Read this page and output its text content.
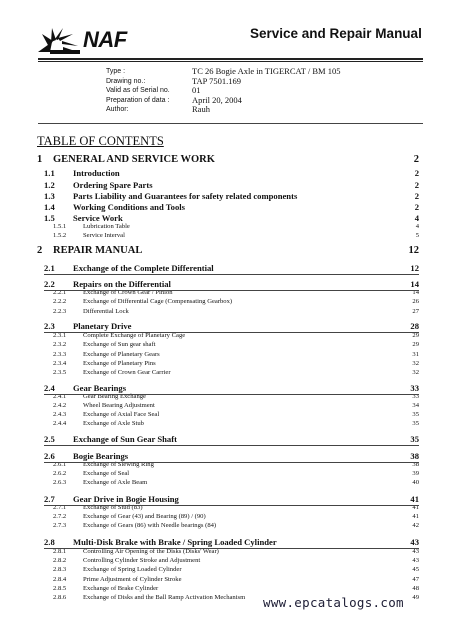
NAF	Service and Repair Manual
Type :	TC 26 Bogie Axle in TIGERCAT / BM 105
Drawing no.:	TAP 7501.169
Valid as of Serial no.	01
Preparation of data :	April 20, 2004
Author:	Rauh
TABLE OF CONTENTS
1 GENERAL AND SERVICE WORK	2
1.1 Introduction	2
1.2 Ordering Spare Parts	2
1.3 Parts Liability and Guarantees for safety related components	2
1.4 Working Conditions and Tools	2
1.5 Service Work	4
1.5.1	Lubrication Table	4
1.5.2	Service Interval	5
2 REPAIR MANUAL	12
2.1 Exchange of the Complete Differential	12
2.2 Repairs on the Differential	14
2.2.1	Exchange of Crown Gear / Pinion	14
2.2.2	Exchange of Differential Cage (Compensating Gearbox)	26
2.2.3	Differential Lock	27
2.3 Planetary Drive	28
2.3.1	Complete Exchange of Planetary Cage	29
2.3.2	Exchange of Sun gear shaft	29
2.3.3	Exchange of Planetary Gears	31
2.3.4	Exchange of Planetary Pins	32
2.3.5	Exchange of Crown Gear Carrier	32
2.4 Gear Bearings	33
2.4.1	Gear Bearing Exchange	33
2.4.2	Wheel Bearing Adjustment	34
2.4.3	Exchange of Axial Face Seal	35
2.4.4	Exchange of Axle Stub	35
2.5 Exchange of Sun Gear Shaft	35
2.6 Bogie Bearings	38
2.6.1	Exchange of Slewing Ring	38
2.6.2	Exchange of Seal	39
2.6.3	Exchange of Axle Beam	40
2.7 Gear Drive in Bogie Housing	41
2.7.1	Exchange of Stud (83)	41
2.7.2	Exchange of Gear (43) and Bearing (89) / (90)	41
2.7.3	Exchange of Gears (86) with Needle bearings (84)	42
2.8 Multi-Disk Brake with Brake / Spring Loaded Cylinder	43
2.8.1	Controlling Air Opening of the Disks (Disks' Wear)	43
2.8.2	Controlling Cylinder Stroke and Adjustment	43
2.8.3	Exchange of Spring Loaded Cylinder	45
2.8.4	Prime Adjustment of Cylinder Stroke	47
2.8.5	Exchange of Brake Cylinder	48
2.8.6	Exchange of Disks and the Ball Ramp Activation Mechanism	49
www.epcatalogs.com
